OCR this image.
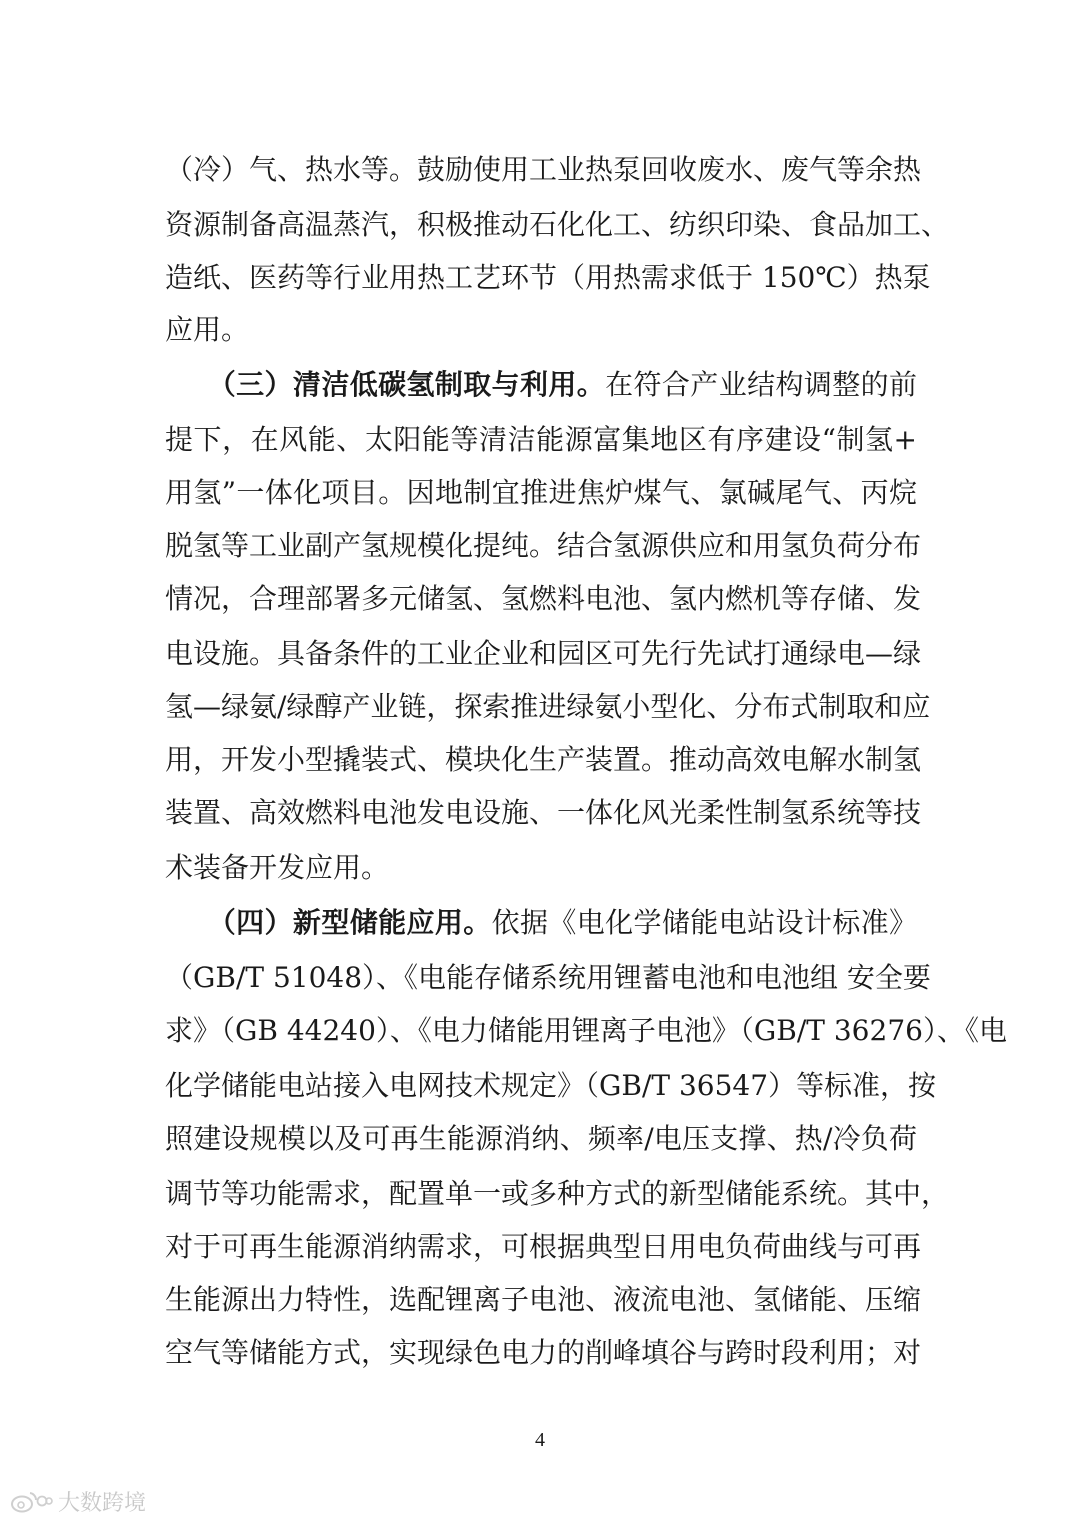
（冷）气、热水等。鼓励使用工业热泵回收废水、废气等余热
资源制备高温蒸汽，积极推动石化化工、纺织印染、食品加工、
造纸、医药等行业用热工艺环节（用热需求低于 150℃）热泵
应用。
　　（三）清洁低碳氢制取与利用。在符合产业结构调整的前
提下，在风能、太阳能等清洁能源富集地区有序建设“制氢+
用氢”一体化项目。因地制宜推进焦炉煤气、氯碱尾气、丙烷
脱氢等工业副产氢规模化提纯。结合氢源供应和用氢负荷分布
情况，合理部署多元储氢、氢燃料电池、氢内燃机等存储、发
电设施。具备条件的工业企业和园区可先行先试打通绿电—绿
氢—绿氨/绿醇产业链，探索推进绿氨小型化、分布式制取和应
用，开发小型撬装式、模块化生产装置。推动高效电解水制氢
装置、高效燃料电池发电设施、一体化风光柔性制氢系统等技
术装备开发应用。
　　（四）新型储能应用。依据《电化学储能电站设计标准》
（GB/T 51048）、《电能存储系统用锂蓄电池和电池组 安全要
求》（GB 44240）、《电力储能用锂离子电池》（GB/T 36276）、《电
化学储能电站接入电网技术规定》（GB/T 36547）等标准，按
照建设规模以及可再生能源消纳、频率/电压支撑、热/冷负荷
调节等功能需求，配置单一或多种方式的新型储能系统。其中，
对于可再生能源消纳需求，可根据典型日用电负荷曲线与可再
生能源出力特性，选配锂离子电池、液流电池、氢储能、压缩
空气等储能方式，实现绿色电力的削峰填谷与跨时段利用；对
4
大数跨境
